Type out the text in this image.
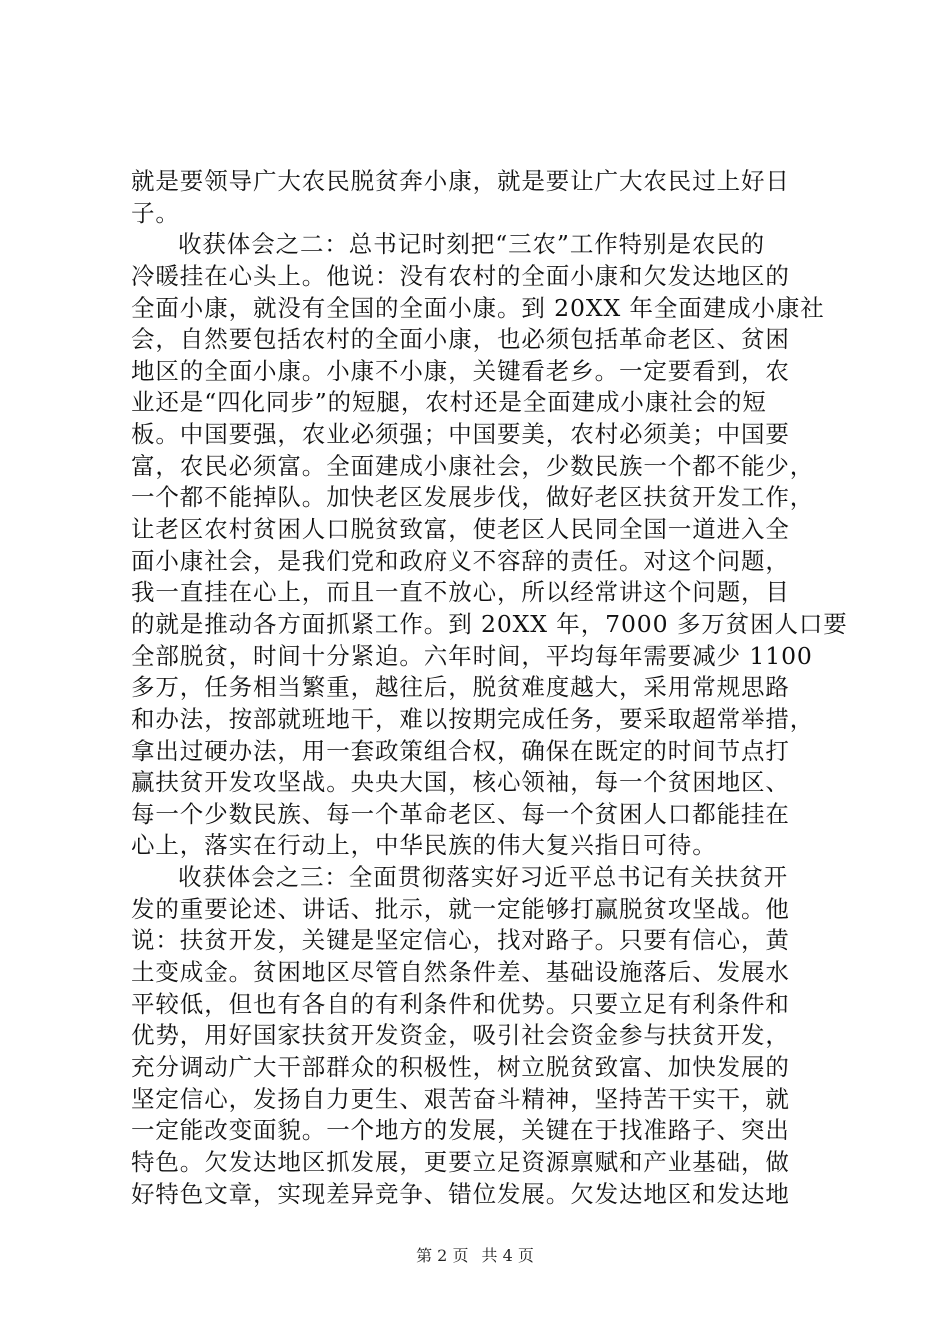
就是要领导广大农民脱贫奔小康，就是要让广大农民过上好日
子。
收获体会之二：总书记时刻把“三农”工作特别是农民的
冷暖挂在心头上。他说：没有农村的全面小康和欠发达地区的
全面小康，就没有全国的全面小康。到 20XX 年全面建成小康社
会，自然要包括农村的全面小康，也必须包括革命老区、贫困
地区的全面小康。小康不小康，关键看老乡。一定要看到，农
业还是“四化同步”的短腿，农村还是全面建成小康社会的短
板。中国要强，农业必须强；中国要美，农村必须美；中国要
富，农民必须富。全面建成小康社会，少数民族一个都不能少，
一个都不能掉队。加快老区发展步伐，做好老区扶贫开发工作，
让老区农村贫困人口脱贫致富，使老区人民同全国一道进入全
面小康社会，是我们党和政府义不容辞的责任。对这个问题，
我一直挂在心上，而且一直不放心，所以经常讲这个问题，目
的就是推动各方面抓紧工作。到 20XX 年，7000 多万贫困人口要
全部脱贫，时间十分紧迫。六年时间，平均每年需要减少 1100
多万，任务相当繁重，越往后，脱贫难度越大，采用常规思路
和办法，按部就班地干，难以按期完成任务，要采取超常举措，
拿出过硬办法，用一套政策组合权，确保在既定的时间节点打
赢扶贫开发攻坚战。央央大国，核心领袖，每一个贫困地区、
每一个少数民族、每一个革命老区、每一个贫困人口都能挂在
心上，落实在行动上，中华民族的伟大复兴指日可待。
收获体会之三：全面贯彻落实好习近平总书记有关扶贫开
发的重要论述、讲话、批示，就一定能够打赢脱贫攻坚战。他
说：扶贫开发，关键是坚定信心，找对路子。只要有信心，黄
土变成金。贫困地区尽管自然条件差、基础设施落后、发展水
平较低，但也有各自的有利条件和优势。只要立足有利条件和
优势，用好国家扶贫开发资金，吸引社会资金参与扶贫开发，
充分调动广大干部群众的积极性，树立脱贫致富、加快发展的
坚定信心，发扬自力更生、艰苦奋斗精神，坚持苦干实干，就
一定能改变面貌。一个地方的发展，关键在于找准路子、突出
特色。欠发达地区抓发展，更要立足资源禀赋和产业基础，做
好特色文章，实现差异竞争、错位发展。欠发达地区和发达地
第 2 页 共 4 页
